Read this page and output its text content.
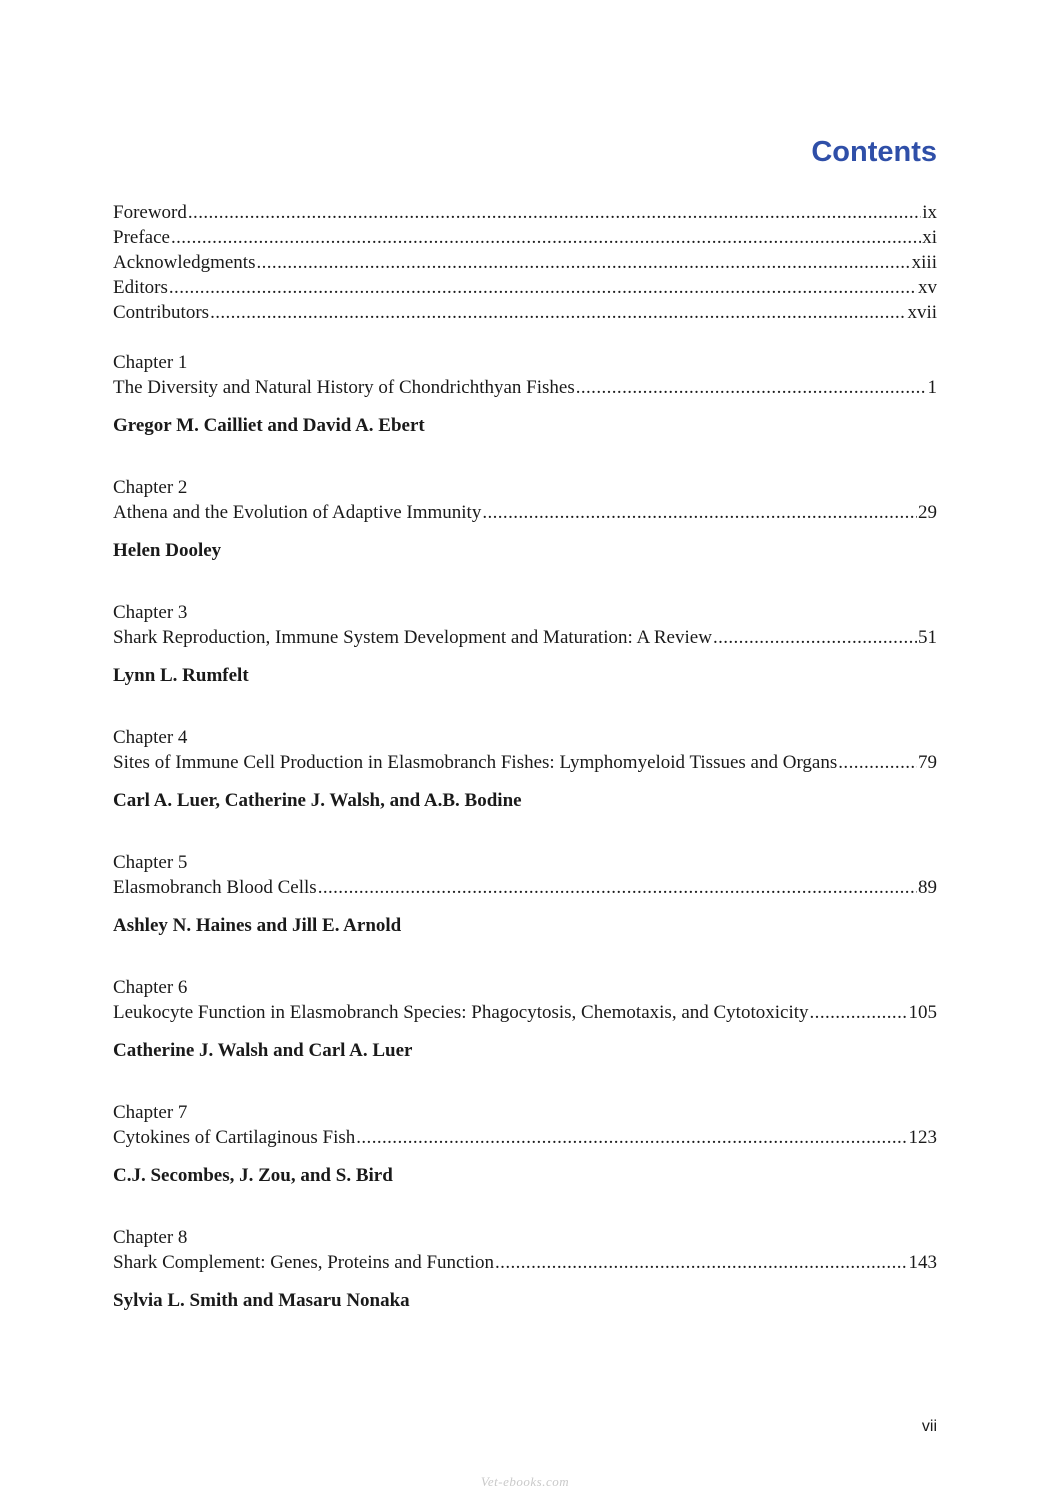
Contents
Foreword .....	ix
Preface .....	xi
Acknowledgments .....	xiii
Editors .....	xv
Contributors .....	xvii
Chapter 1
The Diversity and Natural History of Chondrichthyan Fishes .....	1
Gregor M. Cailliet and David A. Ebert
Chapter 2
Athena and the Evolution of Adaptive Immunity .....	29
Helen Dooley
Chapter 3
Shark Reproduction, Immune System Development and Maturation: A Review .....	51
Lynn L. Rumfelt
Chapter 4
Sites of Immune Cell Production in Elasmobranch Fishes: Lymphomyeloid Tissues and Organs .....	79
Carl A. Luer, Catherine J. Walsh, and A.B. Bodine
Chapter 5
Elasmobranch Blood Cells .....	89
Ashley N. Haines and Jill E. Arnold
Chapter 6
Leukocyte Function in Elasmobranch Species: Phagocytosis, Chemotaxis, and Cytotoxicity .....	105
Catherine J. Walsh and Carl A. Luer
Chapter 7
Cytokines of Cartilaginous Fish .....	123
C.J. Secombes, J. Zou, and S. Bird
Chapter 8
Shark Complement: Genes, Proteins and Function .....	143
Sylvia L. Smith and Masaru Nonaka
vii
Vet-ebooks.com
